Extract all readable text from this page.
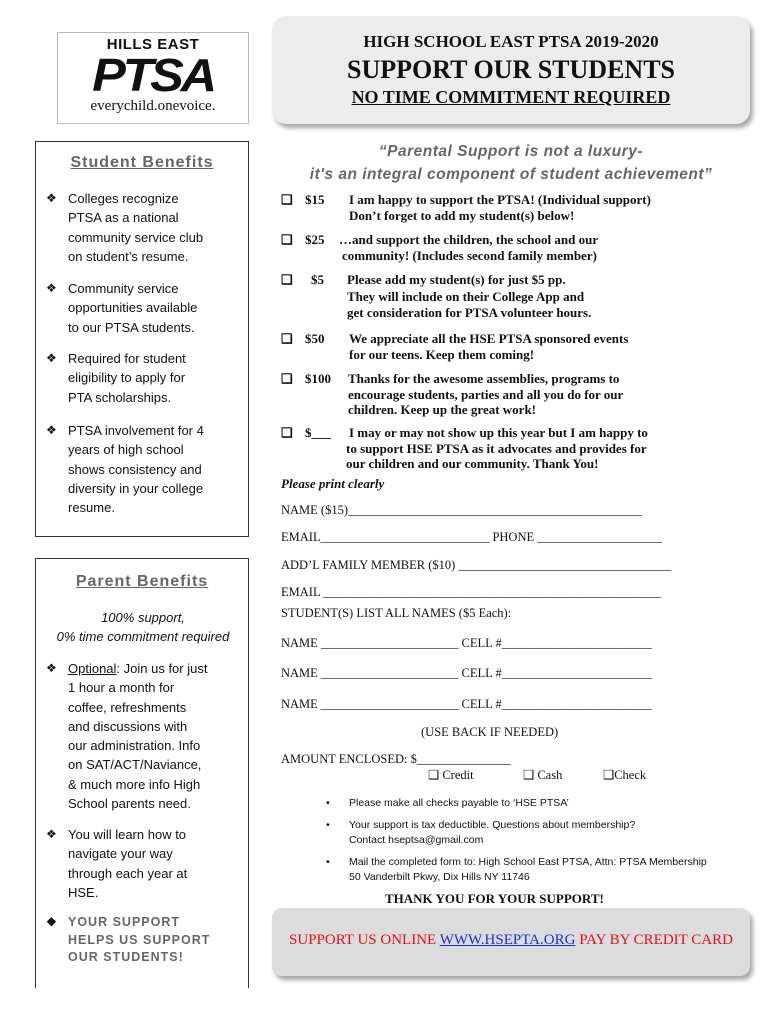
HILLS EAST
PTSA
everychild.onevoice.
HIGH SCHOOL EAST PTSA 2019-2020
SUPPORT OUR STUDENTS
NO TIME COMMITMENT REQUIRED
Student Benefits
❖ Colleges recognize
PTSA as a national
community service club
on student’s resume.
❖ Community service
opportunities available
to our PTSA students.
❖ Required for student
eligibility to apply for
PTA scholarships.
❖ PTSA involvement for 4
years of high school
shows consistency and
diversity in your college
resume.
Parent Benefits
100% support,
0% time commitment required
❖ Optional: Join us for just
1 hour a month for
coffee, refreshments
and discussions with
our administration. Info
on SAT/ACT/Naviance,
& much more info High
School parents need.
❖ You will learn how to
navigate your way
through each year at
HSE.
❖ YOUR SUPPORT
HELPS US SUPPORT
OUR STUDENTS!
“Parental Support is not a luxury-
it's an integral component of student achievement”
❑ $15 I am happy to support the PTSA! (Individual support)
Don’t forget to add my student(s) below!
❑ $25 …and support the children, the school and our
community! (Includes second family member)
❑ $5 Please add my student(s) for just $5 pp.
They will include on their College App and
get consideration for PTSA volunteer hours.
❑ $50 We appreciate all the HSE PTSA sponsored events
for our teens. Keep them coming!
❑ $100 Thanks for the awesome assemblies, programs to
encourage students, parties and all you do for our
children. Keep up the great work!
❑ $___ I may or may not show up this year but I am happy to
to support HSE PTSA as it advocates and provides for
our children and our community. Thank You!
Please print clearly
NAME ($15)_______________________________________________
EMAIL___________________________ PHONE ____________________
ADD’L FAMILY MEMBER ($10) __________________________________
EMAIL ______________________________________________________
STUDENT(S) LIST ALL NAMES ($5 Each):
NAME ______________________ CELL #________________________
NAME ______________________ CELL #________________________
NAME ______________________ CELL #________________________
(USE BACK IF NEEDED)
AMOUNT ENCLOSED: $_______________
❑ Credit	❑ Cash	❑Check
• Please make all checks payable to ‘HSE PTSA’
• Your support is tax deductible. Questions about membership?
Contact hseptsa@gmail.com
• Mail the completed form to: High School East PTSA, Attn: PTSA Membership
50 Vanderbilt Pkwy, Dix Hills NY 11746
THANK YOU FOR YOUR SUPPORT!
SUPPORT US ONLINE WWW.HSEPTA.ORG PAY BY CREDIT CARD
